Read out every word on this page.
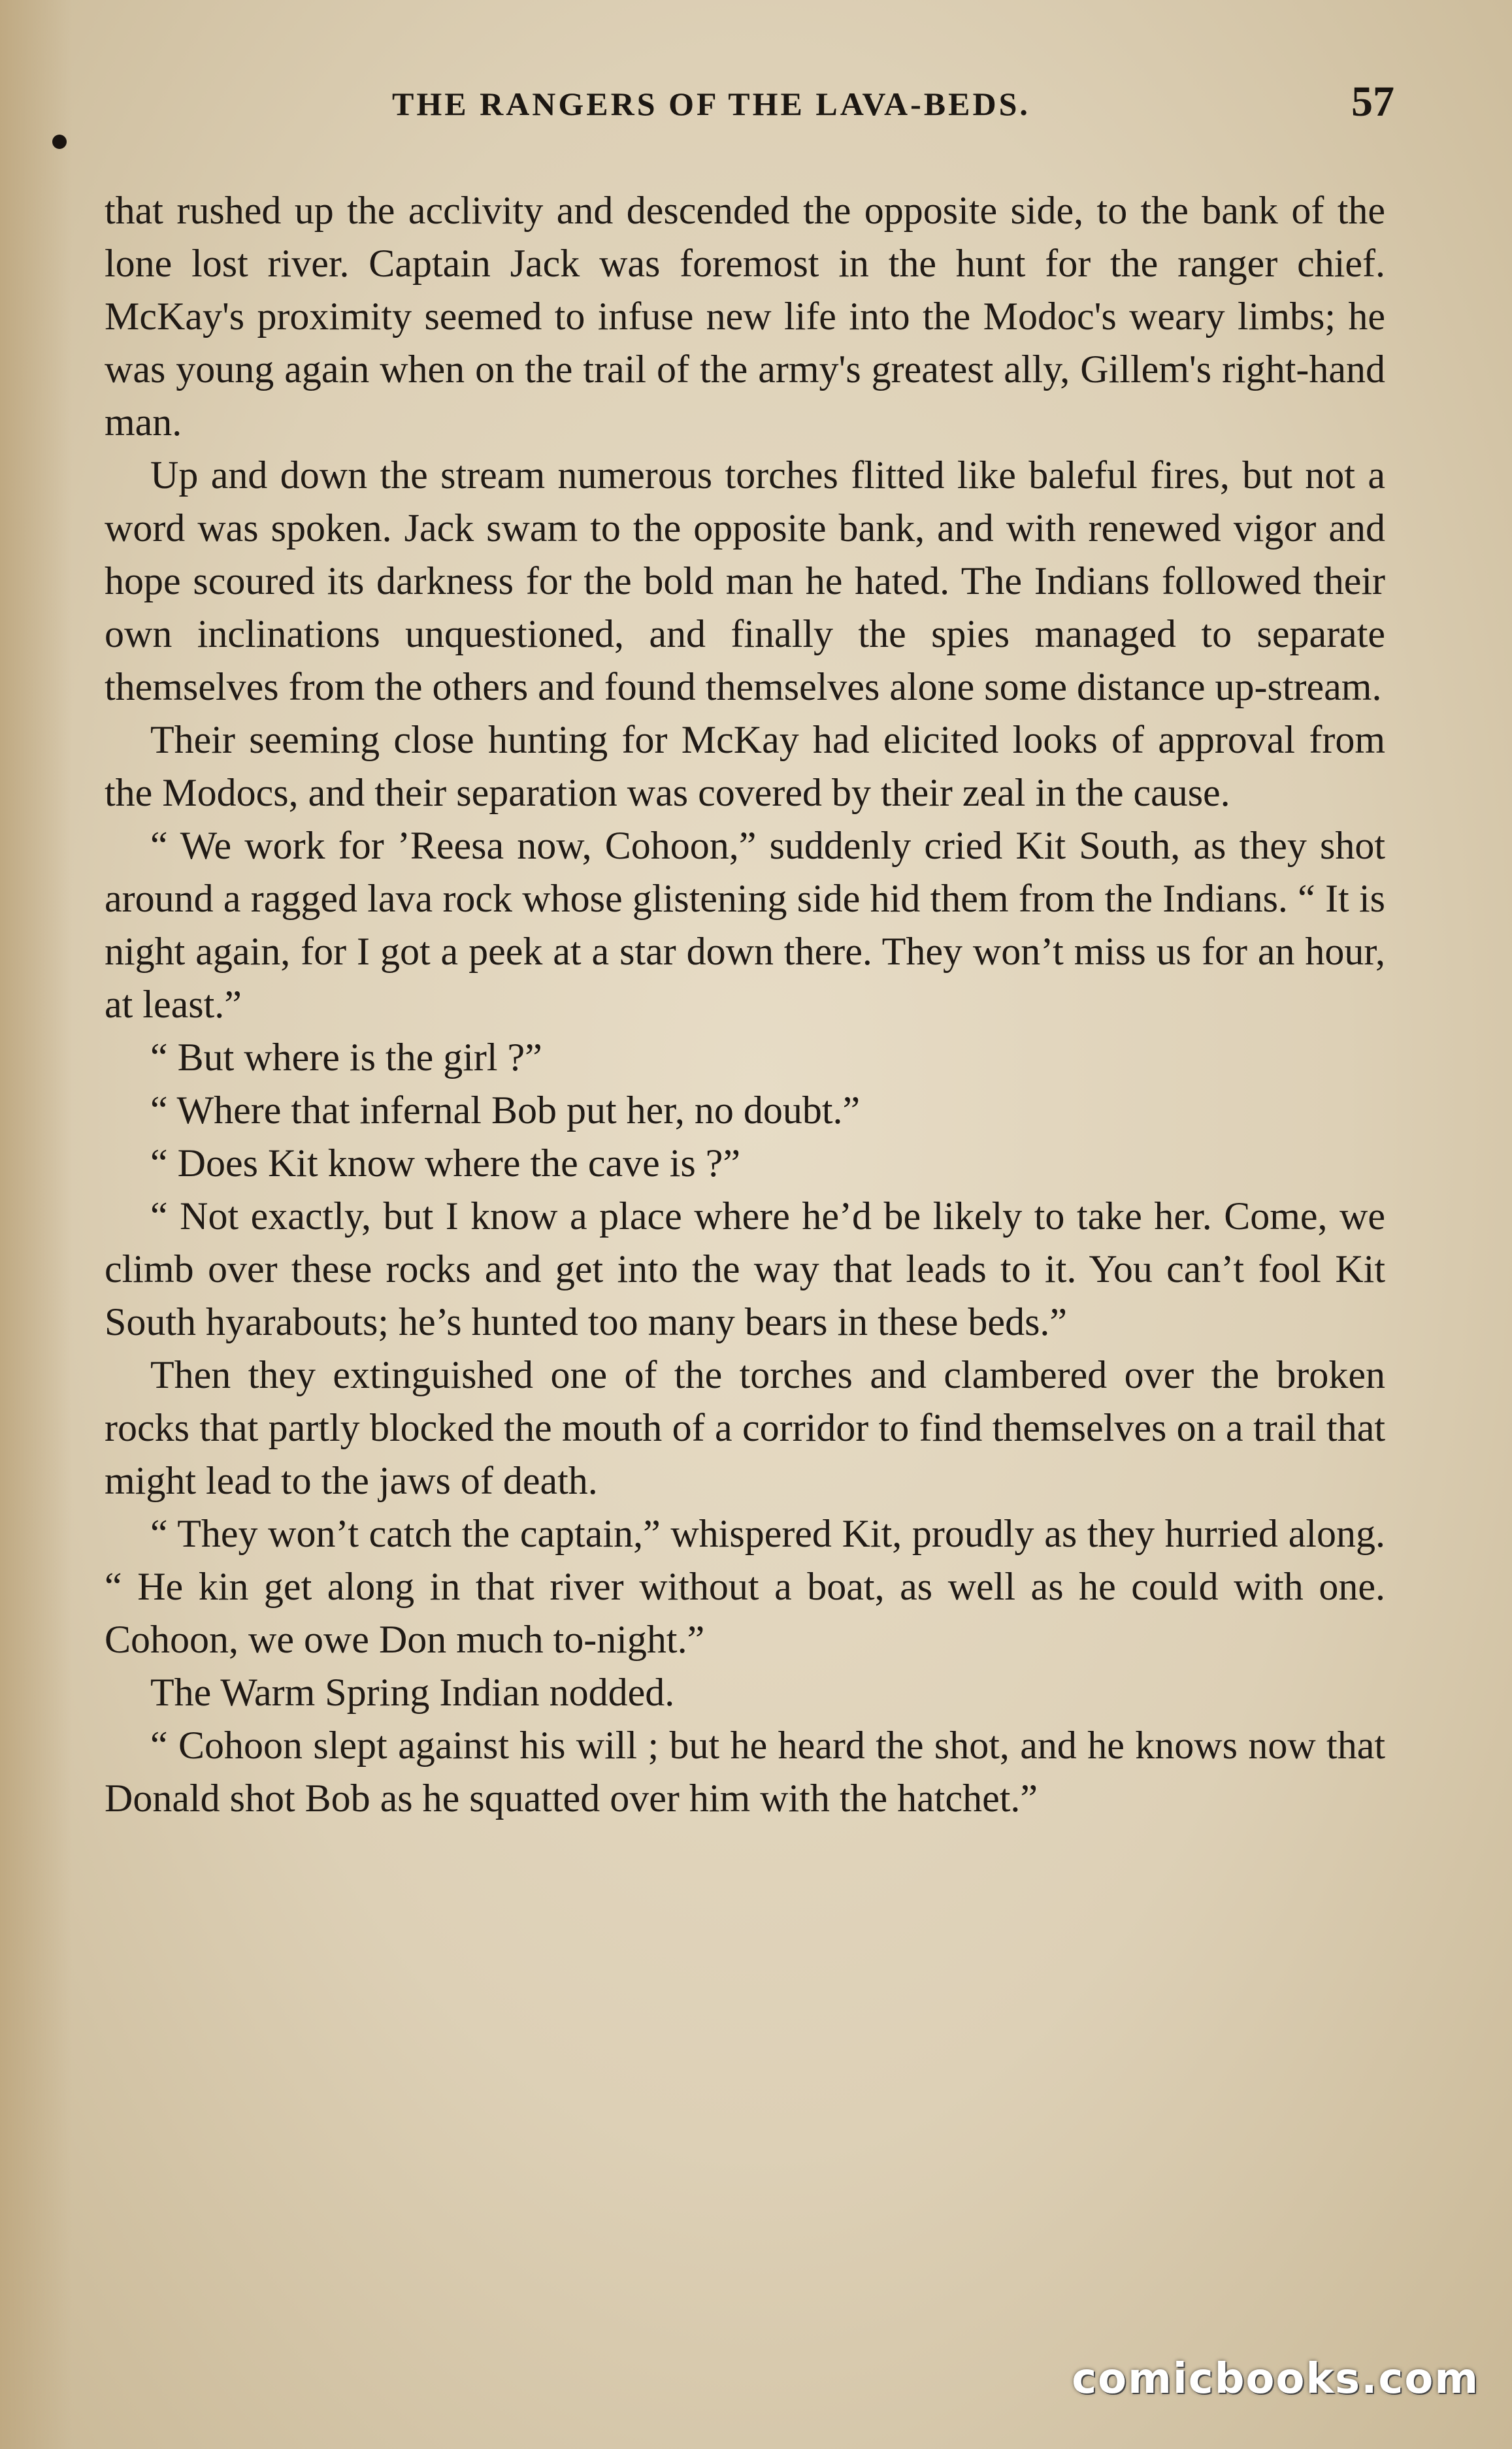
THE RANGERS OF THE LAVA-BEDS.	57

that rushed up the acclivity and descended the opposite side, to the bank of the lone lost river. Captain Jack was foremost in the hunt for the ranger chief. McKay's proximity seemed to infuse new life into the Modoc's weary limbs; he was young again when on the trail of the army's greatest ally, Gillem's right-hand man.

Up and down the stream numerous torches flitted like baleful fires, but not a word was spoken. Jack swam to the opposite bank, and with renewed vigor and hope scoured its darkness for the bold man he hated. The Indians followed their own inclinations unquestioned, and finally the spies managed to separate themselves from the others and found themselves alone some distance up-stream.

Their seeming close hunting for McKay had elicited looks of approval from the Modocs, and their separation was covered by their zeal in the cause.

“ We work for ’Reesa now, Cohoon,” suddenly cried Kit South, as they shot around a ragged lava rock whose glistening side hid them from the Indians. “ It is night again, for I got a peek at a star down there. They won’t miss us for an hour, at least.”

“ But where is the girl ?”

“ Where that infernal Bob put her, no doubt.”

“ Does Kit know where the cave is ?”

“ Not exactly, but I know a place where he’d be likely to take her. Come, we climb over these rocks and get into the way that leads to it. You can’t fool Kit South hyarabouts; he’s hunted too many bears in these beds.”

Then they extinguished one of the torches and clambered over the broken rocks that partly blocked the mouth of a corridor to find themselves on a trail that might lead to the jaws of death.

“ They won’t catch the captain,” whispered Kit, proudly as they hurried along. “ He kin get along in that river without a boat, as well as he could with one. Cohoon, we owe Don much to-night.”

The Warm Spring Indian nodded.

“ Cohoon slept against his will ; but he heard the shot, and he knows now that Donald shot Bob as he squatted over him with the hatchet.”

comicbooks.com
